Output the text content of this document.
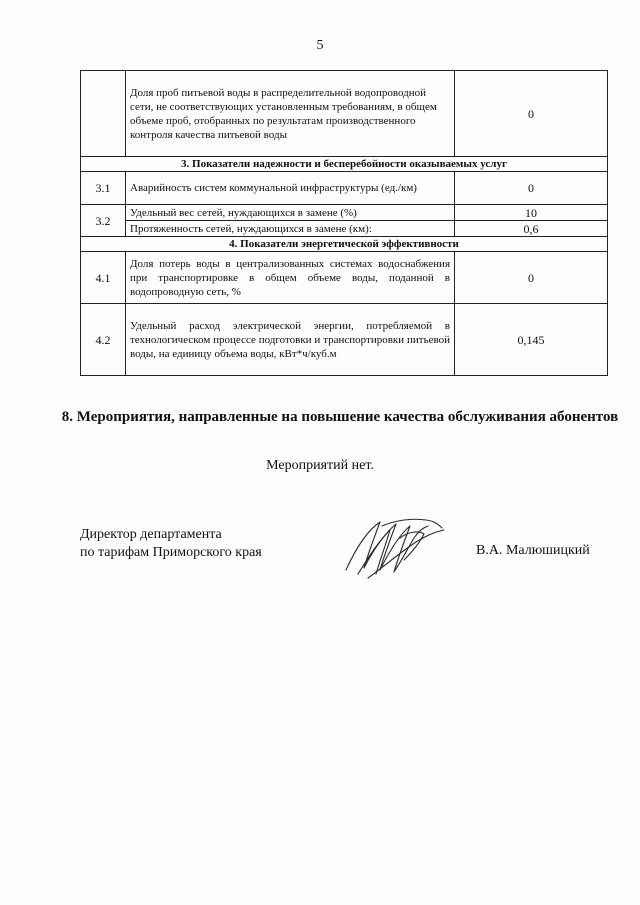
5
	Доля проб питьевой воды в распределительной водопроводной сети, не соответствующих установленным требованиям, в общем объеме проб, отобранных по результатам производственного контроля качества питьевой воды	0
3. Показатели надежности и бесперебойности оказываемых услуг		
3.1	Аварийность систем коммунальной инфраструктуры (ед./км)	0
3.2	Удельный вес сетей, нуждающихся в замене (%)	10
	Протяженность сетей, нуждающихся в замене (км):	0,6
4. Показатели энергетической эффективности		
4.1	Доля потерь воды в централизованных системах водоснабжения при транспортировке в общем объеме воды, поданной в водопроводную сеть, %	0
4.2	Удельный расход электрической энергии, потребляемой в технологическом процессе подготовки и транспортировки питьевой воды, на единицу объема воды, кВт*ч/куб.м	0,145
8. Мероприятия, направленные на повышение качества обслуживания абонентов
Мероприятий нет.
Директор департамента
по тарифам Приморского края	В.А. Малюшицкий
